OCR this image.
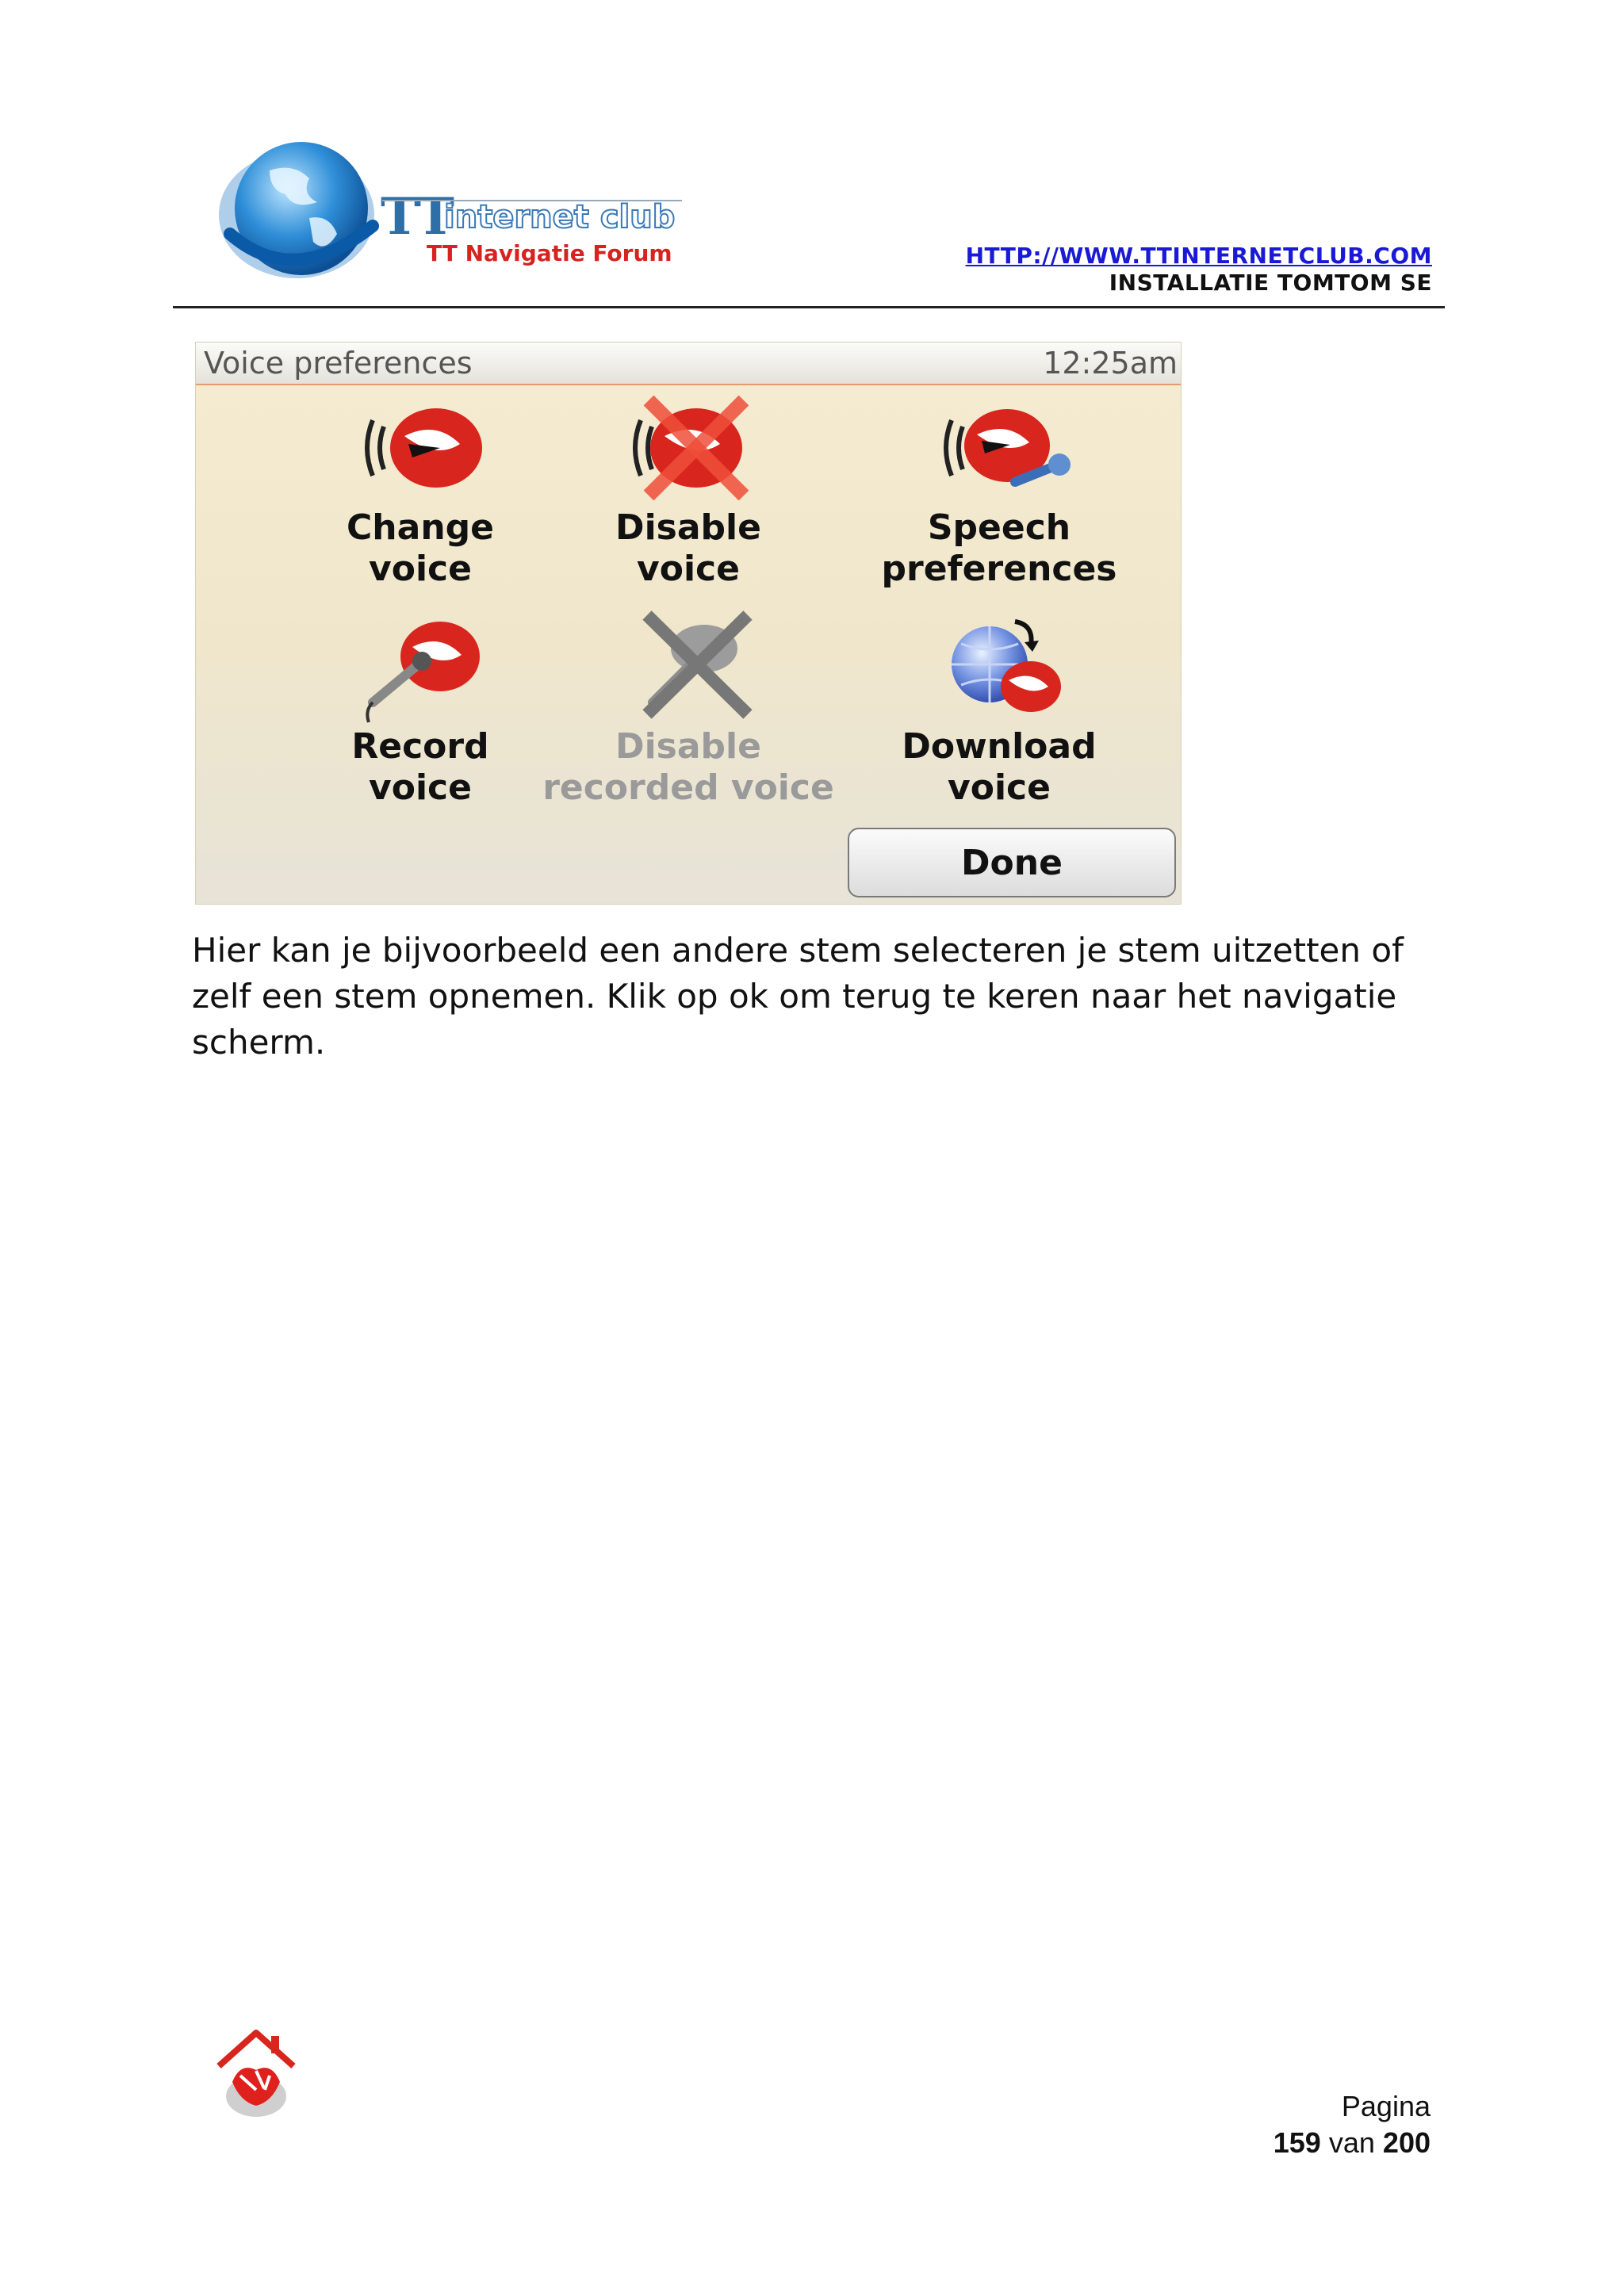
TT
internet club
TT Navigatie Forum	HTTP://WWW.TTINTERNETCLUB.COM
INSTALLATIE TOMTOM SE
Voice preferences	12:25am
Change
voice
Disable
voice
Speech
preferences
Record
voice
Disable
recorded voice
Download
voice
Done

Hier kan je bijvoorbeeld een andere stem selecteren je stem uitzetten of zelf een stem opnemen. Klik op ok om terug te keren naar het navigatie scherm.

Pagina
159 van 200
